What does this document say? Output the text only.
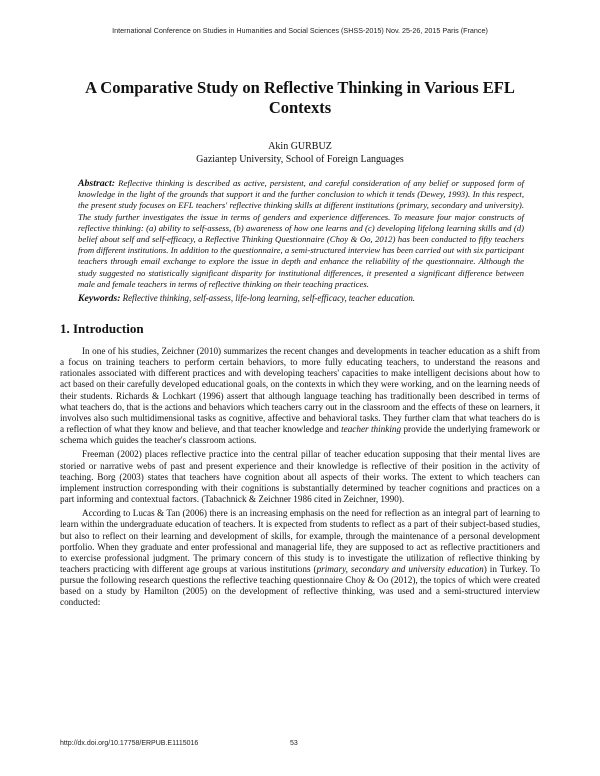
International Conference on Studies in Humanities and Social Sciences (SHSS-2015) Nov. 25-26, 2015 Paris (France)
A Comparative Study on Reflective Thinking in Various EFL Contexts
Akin GURBUZ
Gaziantep University, School of Foreign Languages
Abstract: Reflective thinking is described as active, persistent, and careful consideration of any belief or supposed form of knowledge in the light of the grounds that support it and the further conclusion to which it tends (Dewey, 1993). In this respect, the present study focuses on EFL teachers' reflective thinking skills at different institutions (primary, secondary and university). The study further investigates the issue in terms of genders and experience differences. To measure four major constructs of reflective thinking: (a) ability to self-assess, (b) awareness of how one learns and (c) developing lifelong learning skills and (d) belief about self and self-efficacy, a Reflective Thinking Questionnaire (Choy & Oo, 2012) has been conducted to fifty teachers from different institutions. In addition to the questionnaire, a semi-structured interview has been carried out with six participant teachers through email exchange to explore the issue in depth and enhance the reliability of the questionnaire. Although the study suggested no statistically significant disparity for institutional differences, it presented a significant difference between male and female teachers in terms of reflective thinking on their teaching practices.
Keywords: Reflective thinking, self-assess, life-long learning, self-efficacy, teacher education.
1. Introduction

In one of his studies, Zeichner (2010) summarizes the recent changes and developments in teacher education as a shift from a focus on training teachers to perform certain behaviors, to more fully educating teachers, to understand the reasons and rationales associated with different practices and with developing teachers' capacities to make intelligent decisions about how to act based on their carefully developed educational goals, on the contexts in which they were working, and on the learning needs of their students. Richards & Lochkart (1996) assert that although language teaching has traditionally been described in terms of what teachers do, that is the actions and behaviors which teachers carry out in the classroom and the effects of these on learners, it involves also such multidimensional tasks as cognitive, affective and behavioral tasks. They further clam that what teachers do is a reflection of what they know and believe, and that teacher knowledge and teacher thinking provide the underlying framework or schema which guides the teacher's classroom actions.

Freeman (2002) places reflective practice into the central pillar of teacher education supposing that their mental lives are storied or narrative webs of past and present experience and their knowledge is reflective of their position in the activity of teaching. Borg (2003) states that teachers have cognition about all aspects of their works. The extent to which teachers can implement instruction corresponding with their cognitions is substantially determined by teacher cognitions and practices on a part informing and contextual factors. (Tabachnick & Zeichner 1986 cited in Zeichner, 1990).

According to Lucas & Tan (2006) there is an increasing emphasis on the need for reflection as an integral part of learning to learn within the undergraduate education of teachers. It is expected from students to reflect as a part of their subject-based studies, but also to reflect on their learning and development of skills, for example, through the maintenance of a personal development portfolio. When they graduate and enter professional and managerial life, they are supposed to act as reflective practitioners and to exercise professional judgment. The primary concern of this study is to investigate the utilization of reflective thinking by teachers practicing with different age groups at various institutions (primary, secondary and university education) in Turkey. To pursue the following research questions the reflective teaching questionnaire Choy & Oo (2012), the topics of which were created based on a study by Hamilton (2005) on the development of reflective thinking, was used and a semi-structured interview conducted:

http://dx.doi.org/10.17758/ERPUB.E1115016	53
